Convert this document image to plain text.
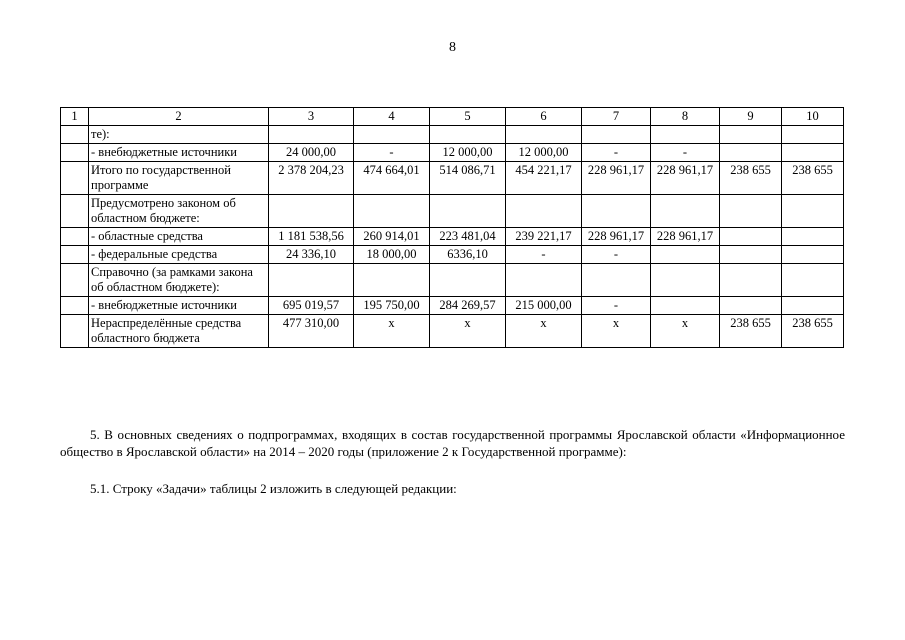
8
1	2	3	4	5	6	7	8	9	10
	те):								
	- внебюджетные источники	24 000,00	-	12 000,00	12 000,00	-	-		
	Итого по государственной программе	2 378 204,23	474 664,01	514 086,71	454 221,17	228 961,17	228 961,17	238 655	238 655
	Предусмотрено законом об областном бюджете:								
	- областные средства	1 181 538,56	260 914,01	223 481,04	239 221,17	228 961,17	228 961,17		
	- федеральные средства	24 336,10	18 000,00	6336,10	-	-			
	Справочно (за рамками закона об областном бюджете):								
	- внебюджетные источники	695 019,57	195 750,00	284 269,57	215 000,00	-			
	Нераспределённые средства областного бюджета	477 310,00	х	х	х	х	х	238 655	238 655
5. В основных сведениях о подпрограммах, входящих в состав государственной программы Ярославской области «Информационное общество в Ярославской области» на 2014 – 2020 годы (приложение 2 к Государственной программе):
5.1. Строку «Задачи» таблицы 2 изложить в следующей редакции:
